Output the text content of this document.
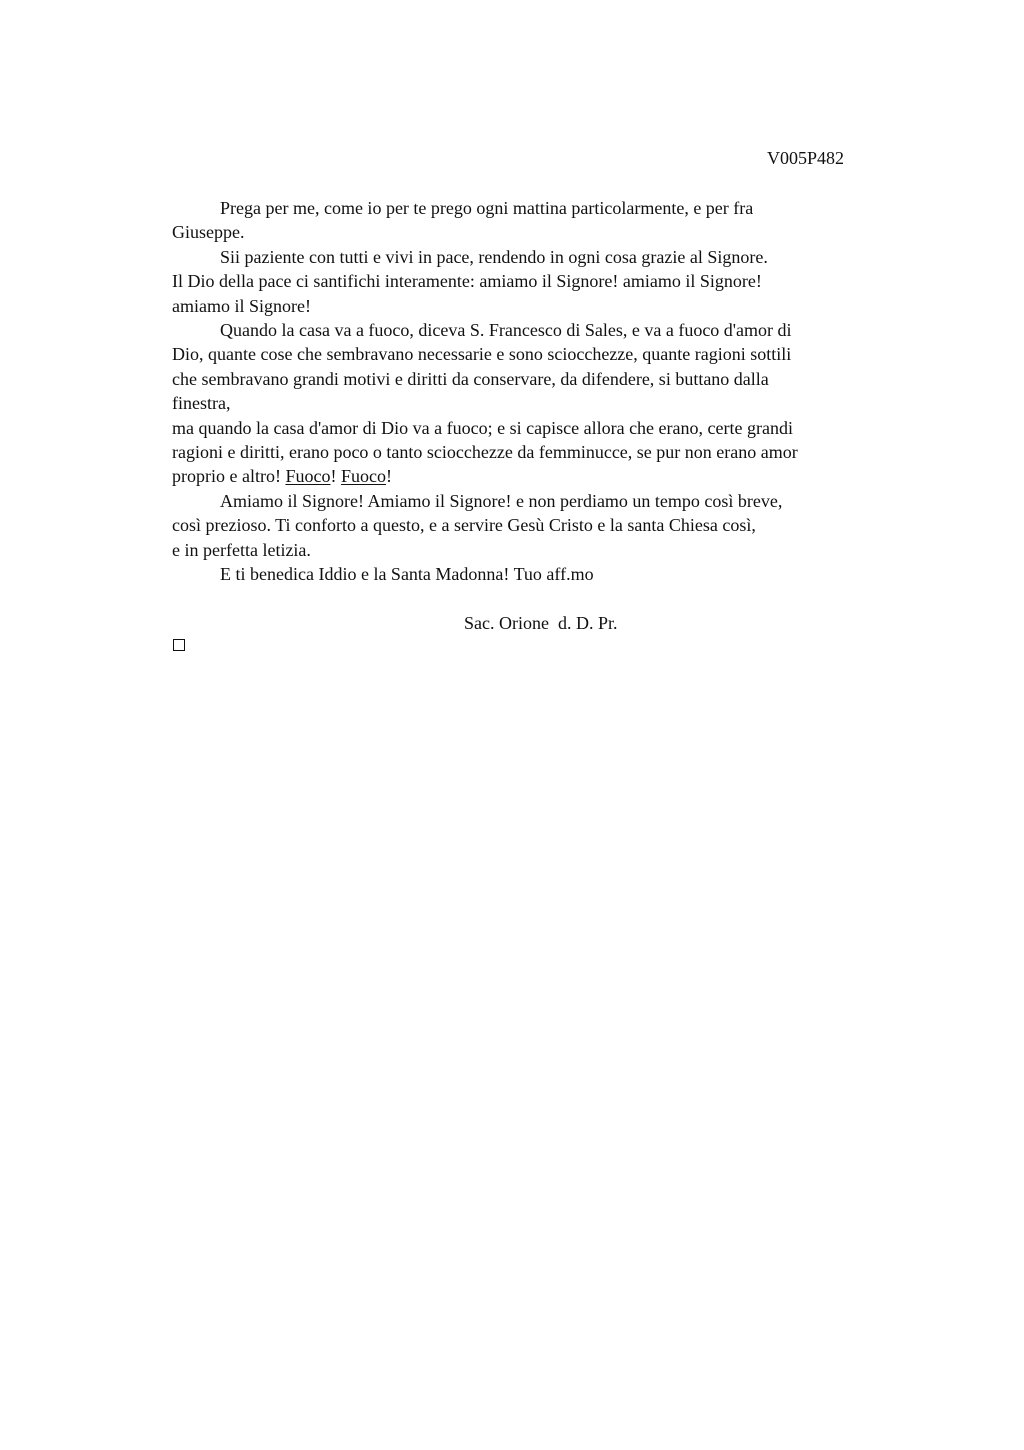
V005P482

Prega per me, come io per te prego ogni mattina particolarmente, e per fra
Giuseppe.
Sii paziente con tutti e vivi in pace, rendendo in ogni cosa grazie al Signore.
Il Dio della pace ci santifichi interamente: amiamo il Signore! amiamo il Signore!
amiamo il Signore!
Quando la casa va a fuoco, diceva S. Francesco di Sales, e va a fuoco d'amor di
Dio, quante cose che sembravano necessarie e sono sciocchezze, quante ragioni sottili
che sembravano grandi motivi e diritti da conservare, da difendere, si buttano dalla
finestra,
ma quando la casa d'amor di Dio va a fuoco; e si capisce allora che erano, certe grandi
ragioni e diritti, erano poco o tanto sciocchezze da femminucce, se pur non erano amor
proprio e altro! Fuoco! Fuoco!
Amiamo il Signore! Amiamo il Signore! e non perdiamo un tempo così breve,
così prezioso. Ti conforto a questo, e a servire Gesù Cristo e la santa Chiesa così,
e in perfetta letizia.
E ti benedica Iddio e la Santa Madonna! Tuo aff.mo

Sac. Orione  d. D. Pr.
